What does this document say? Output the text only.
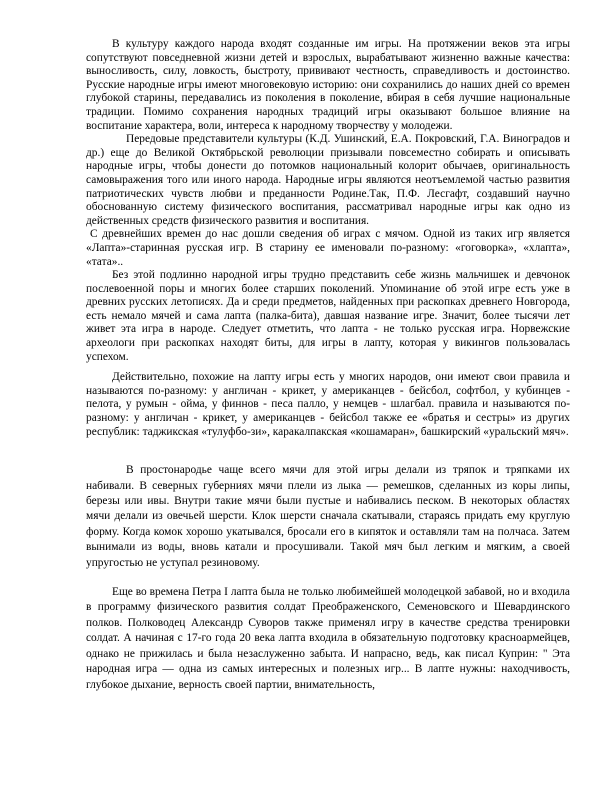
В культуру каждого народа входят созданные им игры. На протяжении веков эта игры сопутствуют повседневной жизни детей и взрослых, вырабатывают жизненно важные качества: выносливость, силу, ловкость, быстроту, прививают честность, справедливость и достоинство. Русские народные игры имеют многовековую историю: они сохранились до наших дней со времен глубокой старины, передавались из поколения в поколение, вбирая в себя лучшие национальные традиции. Помимо сохранения народных традиций игры оказывают большое влияние на воспитание характера, воли, интереса к народному творчеству у молодежи.

Передовые представители культуры (К.Д. Ушинский, Е.А. Покровский, Г.А. Виноградов и др.) еще до Великой Октябрьской революции призывали повсеместно собирать и описывать народные игры, чтобы донести до потомков национальный колорит обычаев, оригинальность самовыражения того или иного народа. Народные игры являются неотъемлемой частью развития патриотических чувств любви и преданности Родине.Так, П.Ф. Лесгафт, создавший научно обоснованную систему физического воспитания, рассматривал народные игры как одно из действенных средств физического развития и воспитания.

С древнейших времен до нас дошли сведения об играх с мячом. Одной из таких игр является «Лапта»-старинная русская игр. В старину ее именовали по-разному: «гоговорка», «хлапта», «тата»..

Без этой подлинно народной игры трудно представить себе жизнь мальчишек и девчонок послевоенной поры и многих более старших поколений. Упоминание об этой игре есть уже в древних русских летописях. Да и среди предметов, найденных при раскопках древнего Новгорода, есть немало мячей и сама лапта (палка-бита), давшая название игре. Значит, более тысячи лет живет эта игра в народе. Следует отметить, что лапта - не только русская игра. Норвежские археологи при раскопках находят биты, для игры в лапту, которая у викингов пользовалась успехом.

Действительно, похожие на лапту игры есть у многих народов, они имеют свои правила и называются по-разному: у англичан - крикет, у американцев - бейсбол, софтбол, у кубинцев - пелота, у румын - ойма, у финнов - песа палло, у немцев - шлагбал. правила и называются по-разному: у англичан - крикет, у американцев - бейсбол также ее «братья и сестры» из других республик: таджикская «тулуфбо-зи», каракалпакская «кошамаран», башкирский «уральский мяч».

В простонародье чаще всего мячи для этой игры делали из тряпок и тряпками их набивали. В северных губерниях мячи плели из лыка — ремешков, сделанных из коры липы, березы или ивы. Внутри такие мячи были пустые и набивались песком. В некоторых областях мячи делали из овечьей шерсти. Клок шерсти сначала скатывали, стараясь придать ему круглую форму. Когда комок хорошо укатывался, бросали его в кипяток и оставляли там на полчаса. Затем вынимали из воды, вновь катали и просушивали. Такой мяч был легким и мягким, а своей упругостью не уступал резиновому.

Еще во времена Петра I лапта была не только любимейшей молодецкой забавой, но и входила в программу физического развития солдат Преображенского, Семеновского и Шевардинского полков. Полководец Александр Суворов также применял игру в качестве средства тренировки солдат. А начиная с 17-го года 20 века лапта входила в обязательную подготовку красноармейцев, однако не прижилась и была незаслуженно забыта. И напрасно, ведь, как писал Куприн: " Эта народная игра — одна из самых интересных и полезных игр... В лапте нужны: находчивость, глубокое дыхание, верность своей партии, внимательность,
